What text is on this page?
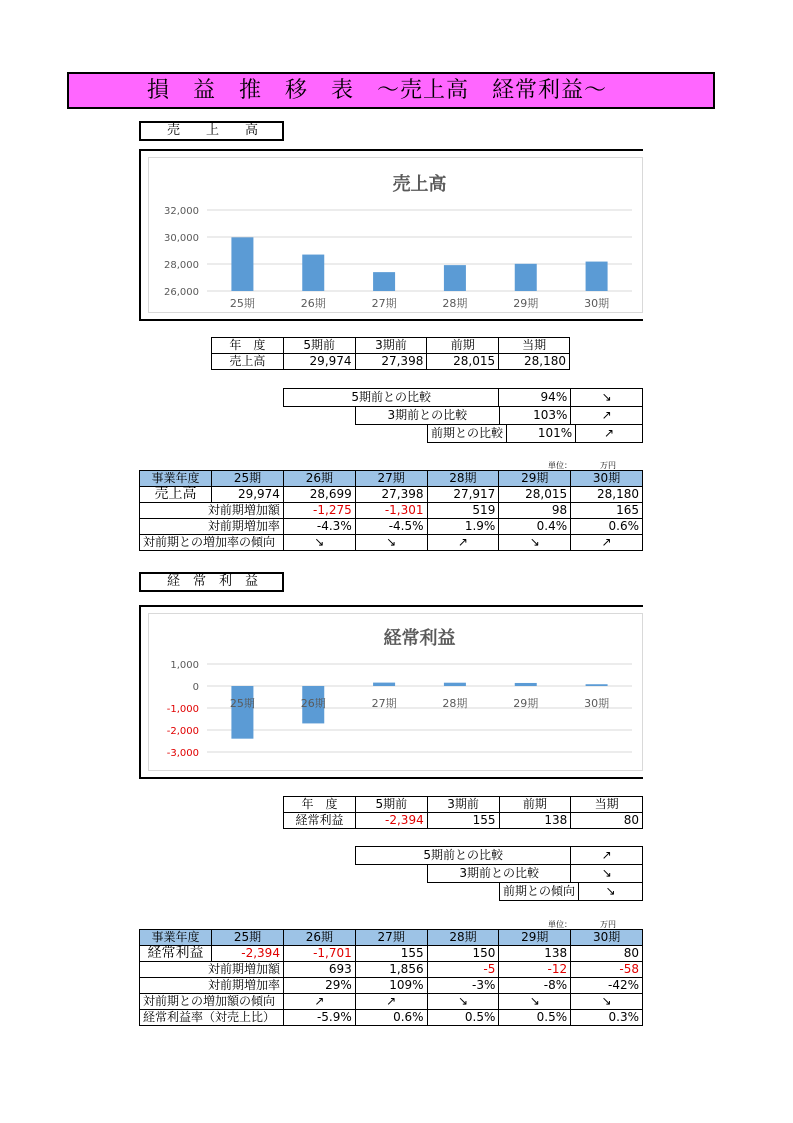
損　益　推　移　表　～売上高　経常利益～
売　　上　　高
売上高
26,000
28,000
30,000
32,000
25期	26期	27期	28期	29期	30期
年　度	5期前	3期前	前期	当期
売上高	29,974	27,398	28,015	28,180
5期前との比較	94%	↘
3期前との比較	103%	↗
前期との比較	101%	↗
単位：	万円
事業年度	25期	26期	27期	28期	29期	30期
売上高	29,974	28,699	27,398	27,917	28,015	28,180
対前期増加額		-1,275	-1,301	519	98	165
対前期増加率		-4.3%	-4.5%	1.9%	0.4%	0.6%
対前期との増加率の傾向		↘	↘	↗	↘	↗
経　常　利　益
経常利益
-3,000
-2,000
-1,000
0
1,000
25期	26期	27期	28期	29期	30期
年　度	5期前	3期前	前期	当期
経常利益	-2,394	155	138	80
5期前との比較	↗
3期前との比較	↘
前期との傾向	↘
単位：	万円
事業年度	25期	26期	27期	28期	29期	30期
経常利益	-2,394	-1,701	155	150	138	80
対前期増加額		693	1,856	-5	-12	-58
対前期増加率		29%	109%	-3%	-8%	-42%
対前期との増加額の傾向		↗	↗	↘	↘	↘
経常利益率（対売上比）		-5.9%	0.6%	0.5%	0.5%	0.3%
